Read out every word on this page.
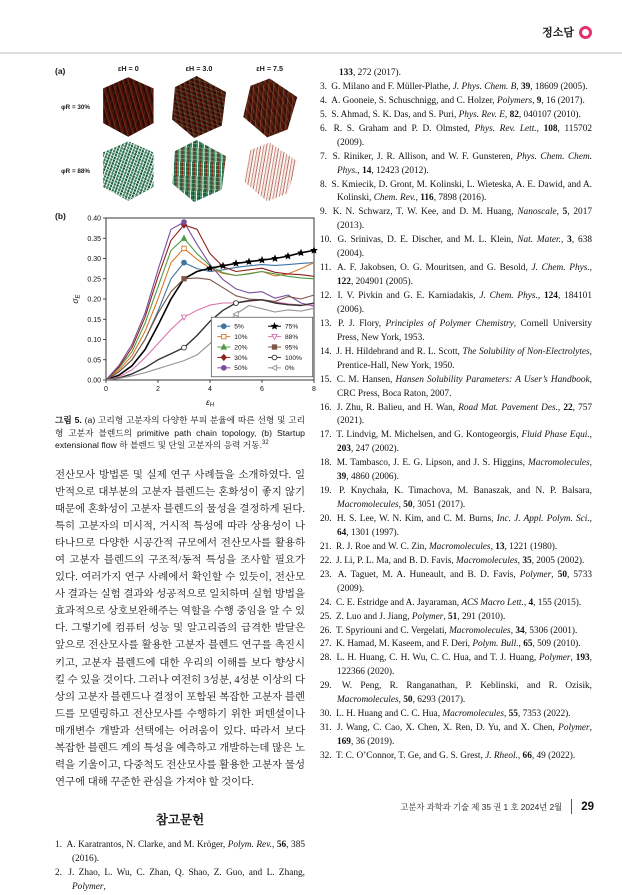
정소담
(a)	εH = 0	εH = 3.0	εH = 7.5
φR = 30%
φR = 88%
(b)
0	2	4	6	8
0.00
0.05
0.10
0.15
0.20
0.25
0.30
0.35
0.40
εH
σE
5%
10%
20%
30%
50%
75%
88%
95%
100%
0%
그림 5. (a) 고리형 고분자의 다양한 부피 분율에 따른 선형 및 고리형 고분자 블렌드의 primitive path chain topology, (b) Startup extensional flow 하 블렌드 및 단일 고분자의 응력 거동.$^{32}$

전산모사 방법론 및 실제 연구 사례들을 소개하였다. 일반적으로 대부분의 고분자 블렌드는 혼화성이 좋지 않기 때문에 혼화성이 고분자 블렌드의 물성을 결정하게 된다. 특히 고분자의 미시적, 거시적 특성에 따라 상용성이 나타나므로 다양한 시공간적 규모에서 전산모사를 활용하여 고분자 블렌드의 구조적/동적 특성을 조사할 필요가 있다. 여러가지 연구 사례에서 확인할 수 있듯이, 전산모사 결과는 실험 결과와 성공적으로 일치하며 실험 방법을 효과적으로 상호보완해주는 역할을 수행 중임을 알 수 있다. 그렇기에 컴퓨터 성능 및 알고리즘의 급격한 발달은 앞으로 전산모사를 활용한 고분자 블렌드 연구를 촉진시키고, 고분자 블렌드에 대한 우리의 이해를 보다 향상시킬 수 있을 것이다. 그러나 여전히 3성분, 4성분 이상의 다상의 고분자 블렌드나 결정이 포함된 복잡한 고분자 블렌드를 모델링하고 전산모사를 수행하기 위한 퍼텐셜이나 매개변수 개발과 선택에는 어려움이 있다. 따라서 보다 복잡한 블렌드 계의 특성을 예측하고 개발하는데 많은 노력을 기울이고, 다중척도 전산모사를 활용한 고분자 물성 연구에 대해 꾸준한 관심을 가져야 할 것이다.

참고문헌
1. A. Karatrantos, N. Clarke, and M. Kröger, Polym. Rev., 56, 385 (2016).
2. J. Zhao, L. Wu, C. Zhan, Q. Shao, Z. Guo, and L. Zhang, Polymer,
133, 272 (2017).
3. G. Milano and F. Müller-Plathe, J. Phys. Chem. B, 39, 18609 (2005).
4. A. Gooneie, S. Schuschnigg, and C. Holzer, Polymers, 9, 16 (2017).
5. S. Ahmad, S. K. Das, and S. Puri, Phys. Rev. E, 82, 040107 (2010).
6. R. S. Graham and P. D. Olmsted, Phys. Rev. Lett., 108, 115702 (2009).
7. S. Riniker, J. R. Allison, and W. F. Gunsteren, Phys. Chem. Chem. Phys., 14, 12423 (2012).
8. S. Kmiecik, D. Gront, M. Kolinski, L. Wieteska, A. E. Dawid, and A. Kolinski, Chem. Rev., 116, 7898 (2016).
9. K. N. Schwarz, T. W. Kee, and D. M. Huang, Nanoscale, 5, 2017 (2013).
10. G. Srinivas, D. E. Discher, and M. L. Klein, Nat. Mater., 3, 638 (2004).
11. A. F. Jakobsen, O. G. Mouritsen, and G. Besold, J. Chem. Phys., 122, 204901 (2005).
12. I. V. Pivkin and G. E. Karniadakis, J. Chem. Phys., 124, 184101 (2006).
13. P. J. Flory, Principles of Polymer Chemistry, Cornell University Press, New York, 1953.
14. J. H. Hildebrand and R. L. Scott, The Solubility of Non-Electrolytes, Prentice-Hall, New York, 1950.
15. C. M. Hansen, Hansen Solubility Parameters: A User’s Handbook, CRC Press, Boca Raton, 2007.
16. J. Zhu, R. Balieu, and H. Wan, Road Mat. Pavement Des., 22, 757 (2021).
17. T. Lindvig, M. Michelsen, and G. Kontogeorgis, Fluid Phase Equi., 203, 247 (2002).
18. M. Tambasco, J. E. G. Lipson, and J. S. Higgins, Macromolecules, 39, 4860 (2006).
19. P. Knychała, K. Timachova, M. Banaszak, and N. P. Balsara, Macromolecules, 50, 3051 (2017).
20. H. S. Lee, W. N. Kim, and C. M. Burns, Inc. J. Appl. Polym. Sci., 64, 1301 (1997).
21. R. J. Roe and W. C. Zin, Macromolecules, 13, 1221 (1980).
22. J. Li, P. L. Ma, and B. D. Favis, Macromolecules, 35, 2005 (2002).
23. A. Taguet, M. A. Huneault, and B. D. Favis, Polymer, 50, 5733 (2009).
24. C. E. Estridge and A. Jayaraman, ACS Macro Lett., 4, 155 (2015).
25. Z. Luo and J. Jiang, Polymer, 51, 291 (2010).
26. T. Spyriouni and C. Vergelati, Macromolecules, 34, 5306 (2001).
27. K. Hamad, M. Kaseem, and F. Deri, Polym. Bull., 65, 509 (2010).
28. L. H. Huang, C. H. Wu, C. C. Hua, and T. J. Huang, Polymer, 193, 122366 (2020).
29. W. Peng, R. Ranganathan, P. Keblinski, and R. Ozisik, Macromolecules, 50, 6293 (2017).
30. L. H. Huang and C. C. Hua, Macromolecules, 55, 7353 (2022).
31. J. Wang, C. Cao, X. Chen, X. Ren, D. Yu, and X. Chen, Polymer, 169, 36 (2019).
32. T. C. O’Connor, T. Ge, and G. S. Grest, J. Rheol., 66, 49 (2022).
고분자 과학과 기술 제 35 권 1 호 2024년 2월 29
